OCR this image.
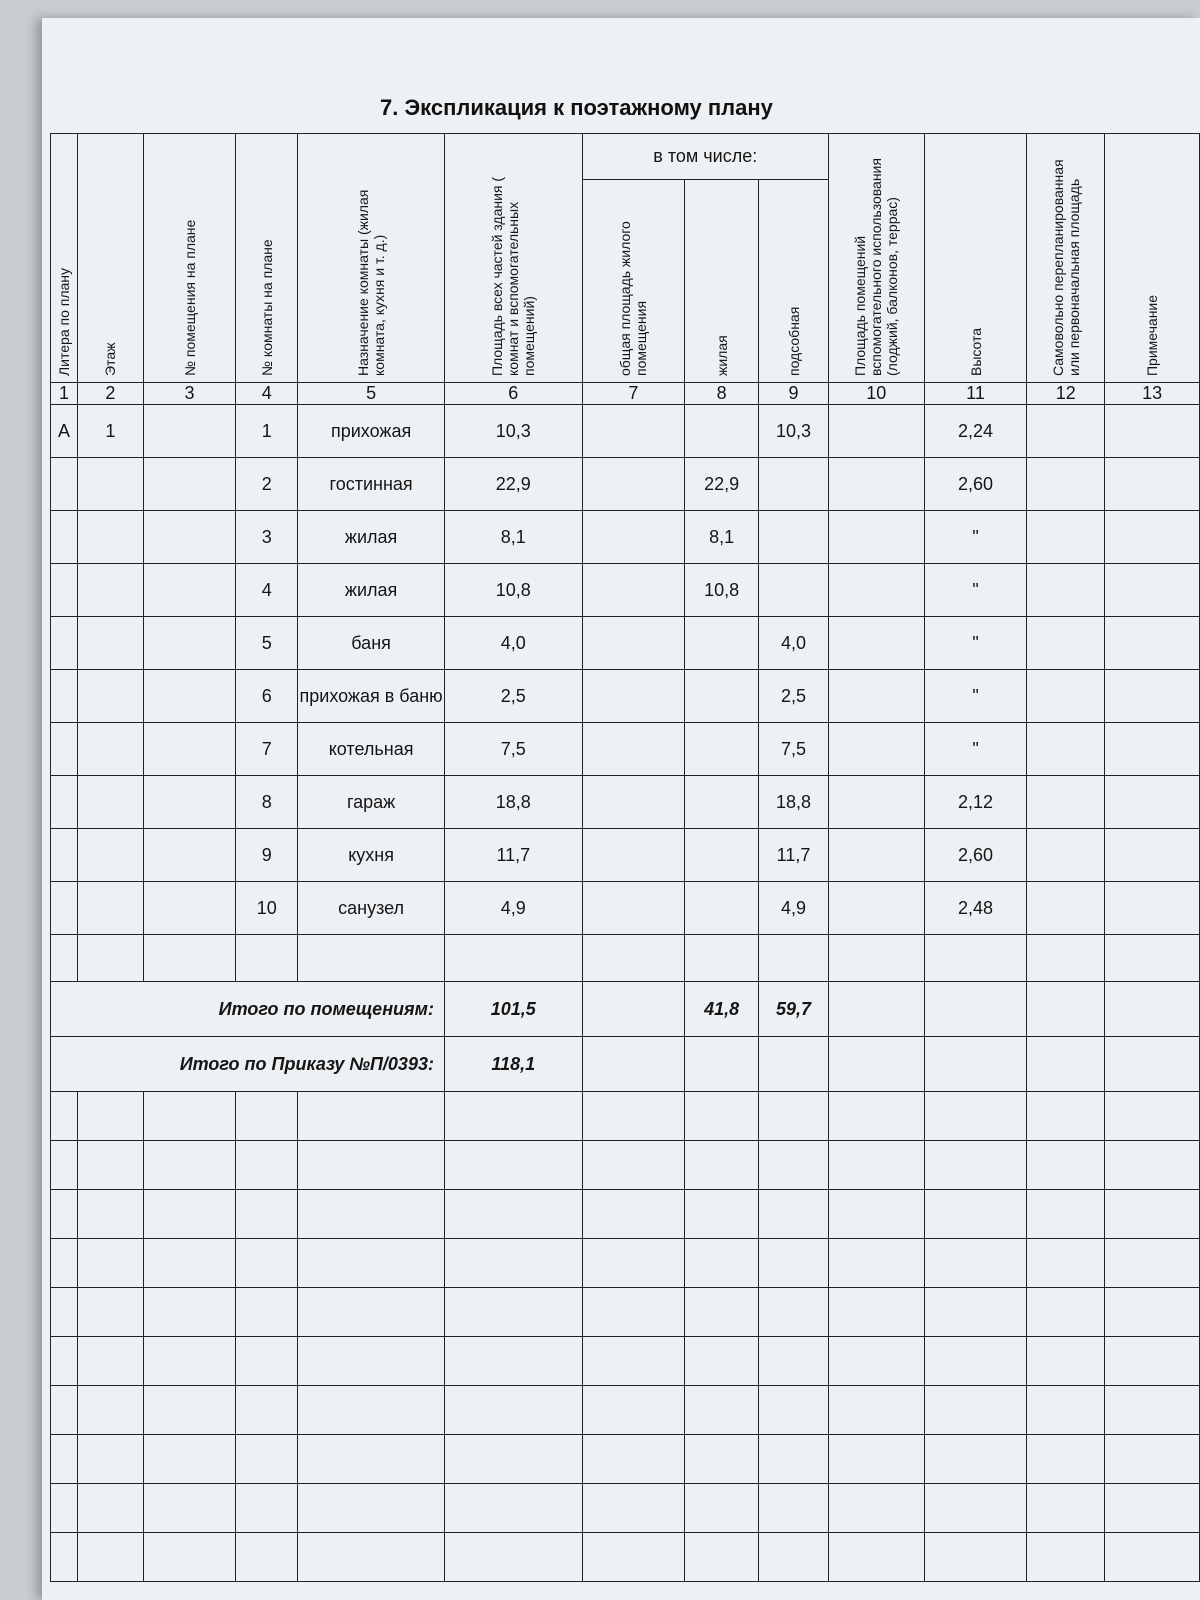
7. Экспликация к поэтажному плану
Литера по плану	Этаж	№ помещения на плане	№ комнаты на плане	Назначение комнаты (жилая комната, кухня и т. д.)	Площадь всех частей здания ( комнат и вспомогательных помещений)	в том числе:			Площадь помещений вспомогательного использования (лоджий, балконов, террас)	Высота	Самовольно перепланированная или первоначальная площадь	Примечание

						общая площадь жилого помещения	жилая	подсобная				

1	2	3	4	5	6	7	8	9	10	11	12	13
А	1		1	прихожая	10,3			10,3		2,24		
			2	гостинная	22,9		22,9			2,60		
			3	жилая	8,1		8,1			"		
			4	жилая	10,8		10,8			"		
			5	баня	4,0			4,0		"		
			6	прихожая в баню	2,5			2,5		"		
			7	котельная	7,5			7,5		"		
			8	гараж	18,8			18,8		2,12		
			9	кухня	11,7			11,7		2,60		
			10	санузел	4,9			4,9		2,48		

Итого по помещениям:					101,5		41,8	59,7				
Итого по Приказу №П/0393:					118,1							
